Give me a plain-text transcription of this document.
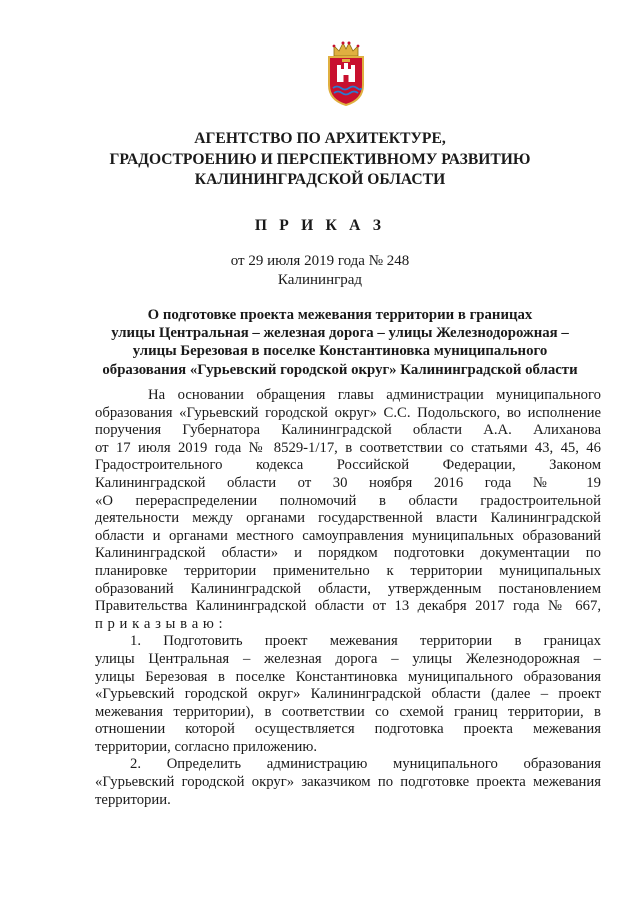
АГЕНТСТВО ПО АРХИТЕКТУРЕ,
ГРАДОСТРОЕНИЮ И ПЕРСПЕКТИВНОМУ РАЗВИТИЮ
КАЛИНИНГРАДСКОЙ ОБЛАСТИ
П Р И К А З
от 29 июля 2019 года № 248
Калининград
О подготовке проекта межевания территории в границах
улицы Центральная – железная дорога – улицы Железнодорожная –
улицы Березовая в поселке Константиновка муниципального
образования «Гурьевский городской округ» Калининградской области
На основании обращения главы администрации муниципального
образования «Гурьевский городской округ» С.С. Подольского, во исполнение
поручения Губернатора Калининградской области А.А. Алиханова
от 17 июля 2019 года № 8529-1/17, в соответствии со статьями 43, 45, 46
Градостроительного кодекса Российской Федерации, Законом
Калининградской области от 30 ноября 2016 года № 19
«О перераспределении полномочий в области градостроительной
деятельности между органами государственной власти Калининградской
области и органами местного самоуправления муниципальных образований
Калининградской области» и порядком подготовки документации по
планировке территории применительно к территории муниципальных
образований Калининградской области, утвержденным постановлением
Правительства Калининградской области от 13 декабря 2017 года № 667,
п р и к а з ы в а ю :
1. Подготовить проект межевания территории в границах
улицы Центральная – железная дорога – улицы Железнодорожная –
улицы Березовая в поселке Константиновка муниципального образования
«Гурьевский городской округ» Калининградской области (далее – проект
межевания территории), в соответствии со схемой границ территории, в
отношении которой осуществляется подготовка проекта межевания
территории, согласно приложению.
2. Определить администрацию муниципального образования
«Гурьевский городской округ» заказчиком по подготовке проекта межевания
территории.
